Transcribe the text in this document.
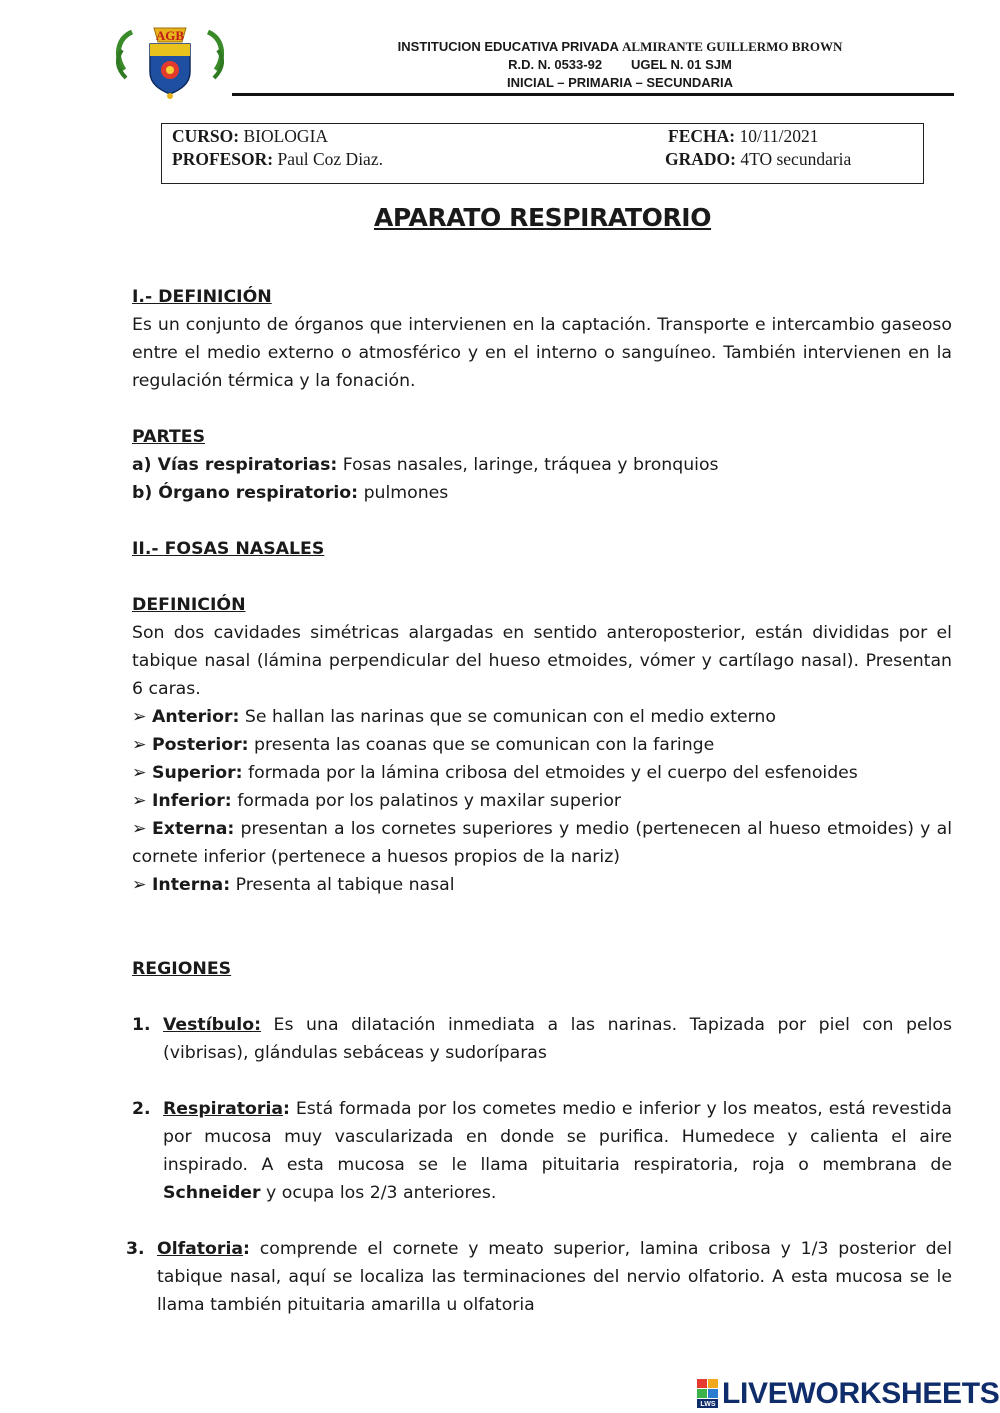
AGB
INSTITUCION EDUCATIVA PRIVADA ALMIRANTE GUILLERMO BROWN
R.D. N. 0533-92        UGEL N. 01 SJM
INICIAL – PRIMARIA – SECUNDARIA
CURSO: BIOLOGIA
PROFESOR: Paul Coz Diaz.
FECHA: 10/11/2021
GRADO: 4TO secundaria
APARATO RESPIRATORIO

I.- DEFINICIÓN

Es un conjunto de órganos que intervienen en la captación. Transporte e intercambio gaseoso entre el medio externo o atmosférico y en el interno o sanguíneo. También intervienen en la regulación térmica y la fonación.

PARTES

a) Vías respiratorias: Fosas nasales, laringe, tráquea y bronquios

b) Órgano respiratorio: pulmones

II.- FOSAS NASALES

DEFINICIÓN

Son dos cavidades simétricas alargadas en sentido anteroposterior, están divididas por el tabique nasal (lámina perpendicular del hueso etmoides, vómer y cartílago nasal). Presentan 6 caras.

➢ Anterior: Se hallan las narinas que se comunican con el medio externo

➢ Posterior: presenta las coanas que se comunican con la faringe

➢ Superior: formada por la lámina cribosa del etmoides y el cuerpo del esfenoides

➢ Inferior: formada por los palatinos y maxilar superior

➢ Externa: presentan a los cornetes superiores y medio (pertenecen al hueso etmoides) y al cornete inferior (pertenece a huesos propios de la nariz)

➢ Interna: Presenta al tabique nasal

REGIONES

1. Vestíbulo: Es una dilatación inmediata a las narinas. Tapizada por piel con pelos (vibrisas), glándulas sebáceas y sudoríparas

2. Respiratoria: Está formada por los cometes medio e inferior y los meatos, está revestida por mucosa muy vascularizada en donde se purifica. Humedece y calienta el aire inspirado. A esta mucosa se le llama pituitaria respiratoria, roja o membrana de Schneider y ocupa los 2/3 anteriores.

3. Olfatoria: comprende el cornete y meato superior, lamina cribosa y 1/3 posterior del tabique nasal, aquí se localiza las terminaciones del nervio olfatorio. A esta mucosa se le llama también pituitaria amarilla u olfatoria

LWS LIVEWORKSHEETS
